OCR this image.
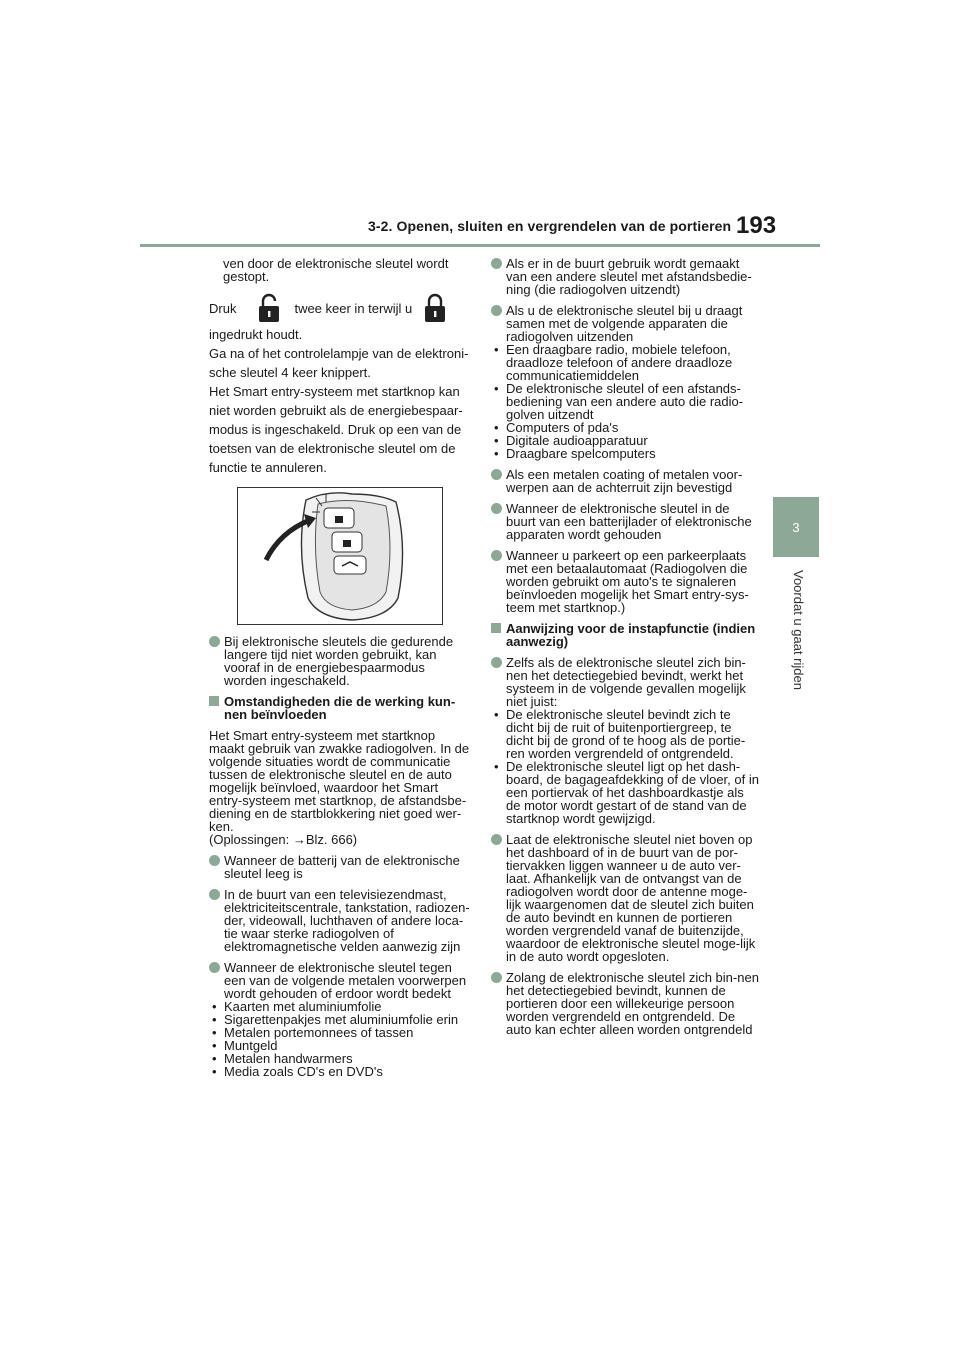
3-2. Openen, sluiten en vergrendelen van de portieren 193
3
Voordat u gaat rijden

ven door de elektronische sleutel wordt gestopt.

Druk	twee keer in terwijl u

ingedrukt houdt.

Ga na of het controlelampje van de elektroni-sche sleutel 4 keer knippert.

Het Smart entry-systeem met startknop kan niet worden gebruikt als de energiebespaar-modus is ingeschakeld. Druk op een van de toetsen van de elektronische sleutel om de functie te annuleren.

Bij elektronische sleutels die gedurende langere tijd niet worden gebruikt, kan vooraf in de energiebespaarmodus worden ingeschakeld.
Omstandigheden die de werking kun-nen beïnvloeden

Het Smart entry-systeem met startknop maakt gebruik van zwakke radiogolven. In de volgende situaties wordt de communicatie tussen de elektronische sleutel en de auto mogelijk beïnvloed, waardoor het Smart entry-systeem met startknop, de afstandsbe-diening en de startblokkering niet goed wer-ken.

(Oplossingen: →Blz. 666)

Wanneer de batterij van de elektronische sleutel leeg is
In de buurt van een televisiezendmast, elektriciteitscentrale, tankstation, radiozen-der, videowall, luchthaven of andere loca-tie waar sterke radiogolven of elektromagnetische velden aanwezig zijn
Wanneer de elektronische sleutel tegen een van de volgende metalen voorwerpen wordt gehouden of erdoor wordt bedekt
• Kaarten met aluminiumfolie
• Sigarettenpakjes met aluminiumfolie erin
• Metalen portemonnees of tassen
• Muntgeld
• Metalen handwarmers
• Media zoals CD's en DVD's
Als er in de buurt gebruik wordt gemaakt van een andere sleutel met afstandsbedie-ning (die radiogolven uitzendt)
Als u de elektronische sleutel bij u draagt samen met de volgende apparaten die radiogolven uitzenden
• Een draagbare radio, mobiele telefoon, draadloze telefoon of andere draadloze communicatiemiddelen
• De elektronische sleutel of een afstands-bediening van een andere auto die radio-golven uitzendt
• Computers of pda's
• Digitale audioapparatuur
• Draagbare spelcomputers
Als een metalen coating of metalen voor-werpen aan de achterruit zijn bevestigd
Wanneer de elektronische sleutel in de buurt van een batterijlader of elektronische apparaten wordt gehouden
Wanneer u parkeert op een parkeerplaats met een betaalautomaat (Radiogolven die worden gebruikt om auto's te signaleren beïnvloeden mogelijk het Smart entry-sys-teem met startknop.)
Aanwijzing voor de instapfunctie (indien aanwezig)
Zelfs als de elektronische sleutel zich bin-nen het detectiegebied bevindt, werkt het systeem in de volgende gevallen mogelijk niet juist:
• De elektronische sleutel bevindt zich te dicht bij de ruit of buitenportiergreep, te dicht bij de grond of te hoog als de portie-ren worden vergrendeld of ontgrendeld.
• De elektronische sleutel ligt op het dash-board, de bagageafdekking of de vloer, of in een portiervak of het dashboardkastje als de motor wordt gestart of de stand van de startknop wordt gewijzigd.
Laat de elektronische sleutel niet boven op het dashboard of in de buurt van de por-tiervakken liggen wanneer u de auto ver-laat. Afhankelijk van de ontvangst van de radiogolven wordt door de antenne moge-lijk waargenomen dat de sleutel zich buiten de auto bevindt en kunnen de portieren worden vergrendeld vanaf de buitenzijde, waardoor de elektronische sleutel moge-lijk in de auto wordt opgesloten.
Zolang de elektronische sleutel zich bin-nen het detectiegebied bevindt, kunnen de portieren door een willekeurige persoon worden vergrendeld en ontgrendeld. De auto kan echter alleen worden ontgrendeld
